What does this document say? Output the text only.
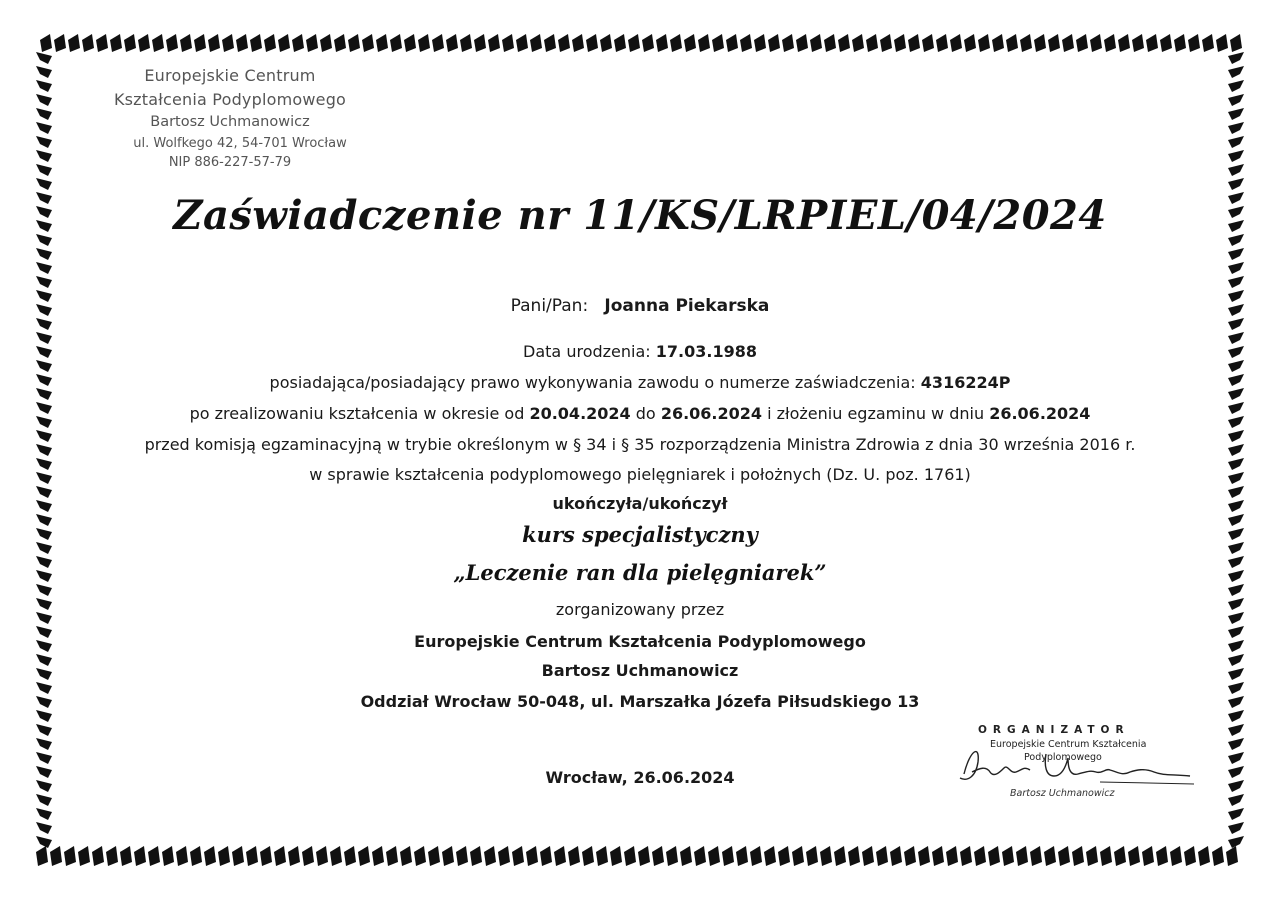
Europejskie Centrum
Kształcenia Podyplomowego
Bartosz Uchmanowicz
ul. Wolfkego 42, 54-701 Wrocław
NIP 886-227-57-79
Zaświadczenie nr 11/KS/LRPIEL/04/2024
Pani/Pan: Joanna Piekarska
Data urodzenia: 17.03.1988
posiadająca/posiadający prawo wykonywania zawodu o numerze zaświadczenia: 4316224P
po zrealizowaniu kształcenia w okresie od 20.04.2024 do 26.06.2024 i złożeniu egzaminu w dniu 26.06.2024
przed komisją egzaminacyjną w trybie określonym w § 34 i § 35 rozporządzenia Ministra Zdrowia z dnia 30 września 2016 r.
w sprawie kształcenia podyplomowego pielęgniarek i położnych (Dz. U. poz. 1761)
ukończyła/ukończył
kurs specjalistyczny
„Leczenie ran dla pielęgniarek”
zorganizowany przez
Europejskie Centrum Kształcenia Podyplomowego
Bartosz Uchmanowicz
Oddział Wrocław 50-048, ul. Marszałka Józefa Piłsudskiego 13
Wrocław, 26.06.2024
ORGANIZATOR
Europejskie Centrum Kształcenia
Podyplomowego
Bartosz Uchmanowicz
